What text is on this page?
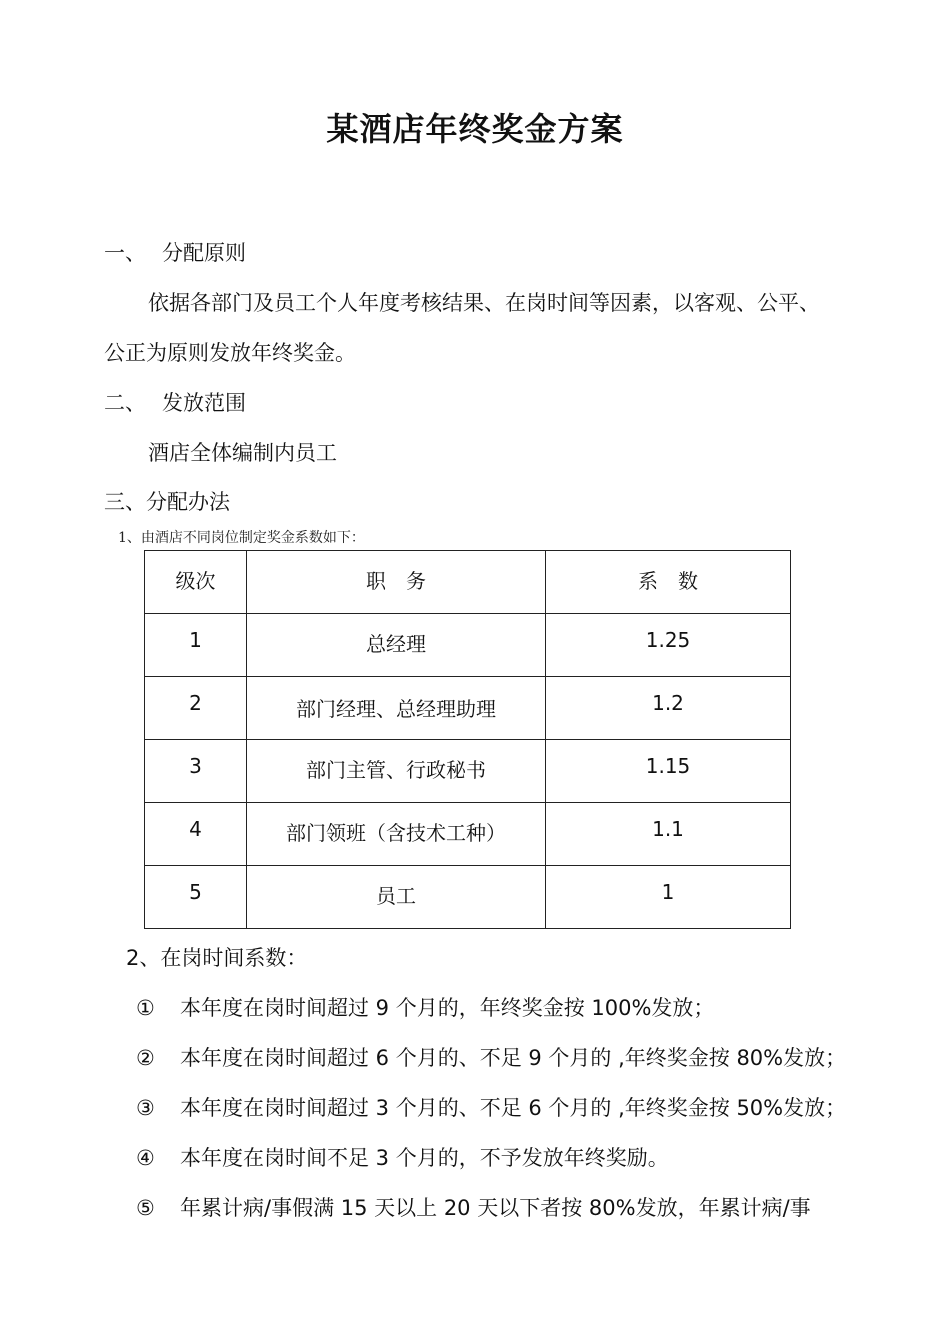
某酒店年终奖金方案
一、 分配原则
依据各部门及员工个人年度考核结果、在岗时间等因素，以客观、公平、
公正为原则发放年终奖金。
二、 发放范围
酒店全体编制内员工
三、分配办法
1、由酒店不同岗位制定奖金系数如下：
级次	职　务	系　数

1	总经理	1.25

2	部门经理、总经理助理	1.2

3	部门主管、行政秘书	1.15

4	部门领班（含技术工种）	1.1

5	员工	1
2、在岗时间系数：
① 本年度在岗时间超过 9 个月的，年终奖金按 100%发放；
② 本年度在岗时间超过 6 个月的、不足 9 个月的 ,年终奖金按 80%发放；
③ 本年度在岗时间超过 3 个月的、不足 6 个月的 ,年终奖金按 50%发放；
④ 本年度在岗时间不足 3 个月的，不予发放年终奖励。
⑤ 年累计病/事假满 15 天以上 20 天以下者按 80%发放，年累计病/事
